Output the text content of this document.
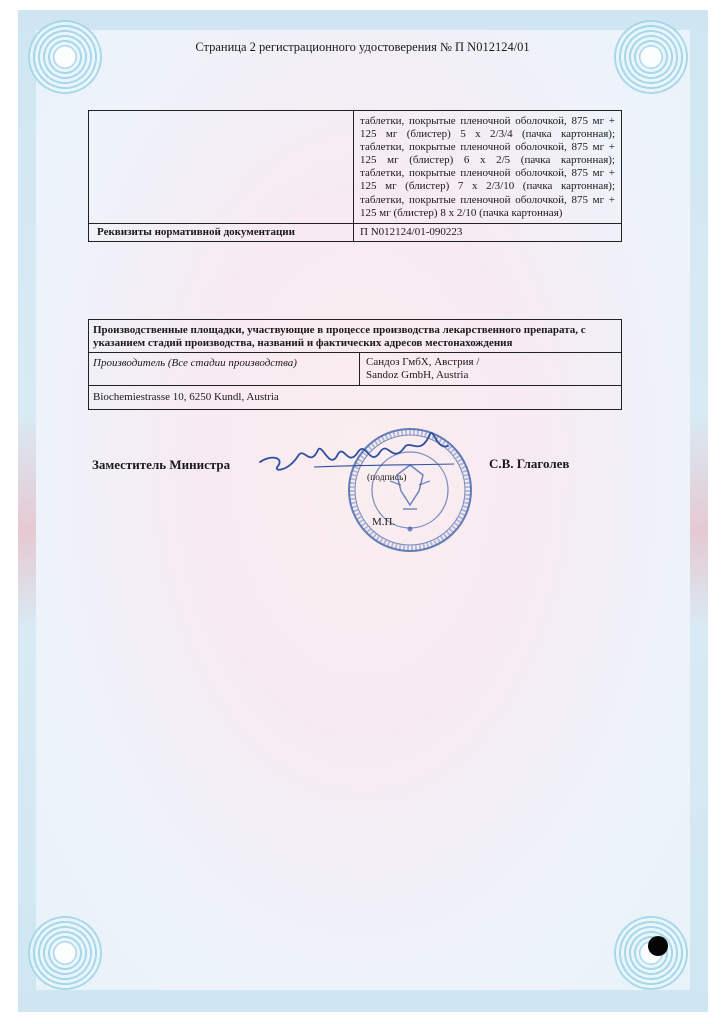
Страница 2 регистрационного удостоверения № П N012124/01

	таблетки, покрытые пленочной оболочкой, 875 мг + 125 мг (блистер) 5 х 2/3/4 (пачка картонная);
таблетки, покрытые пленочной оболочкой, 875 мг + 125 мг (блистер) 6 х 2/5 (пачка картонная);
таблетки, покрытые пленочной оболочкой, 875 мг + 125 мг (блистер) 7 х 2/3/10 (пачка картонная);
таблетки, покрытые пленочной оболочкой, 875 мг + 125 мг (блистер) 8 х 2/10 (пачка картонная)

Реквизиты нормативной документации	П N012124/01-090223
Производственные площадки, участвующие в процессе производства лекарственного препарата, с указанием стадий производства, названий и фактических адресов местонахождения
Производитель (Все стадии производства)	Сандоз ГмбХ, Австрия /
Sandoz GmbH, Austria

Biochemiestrasse 10, 6250 Kundl, Austria
Заместитель Министра	С.В. Глаголев
(подпись)
М.П.
